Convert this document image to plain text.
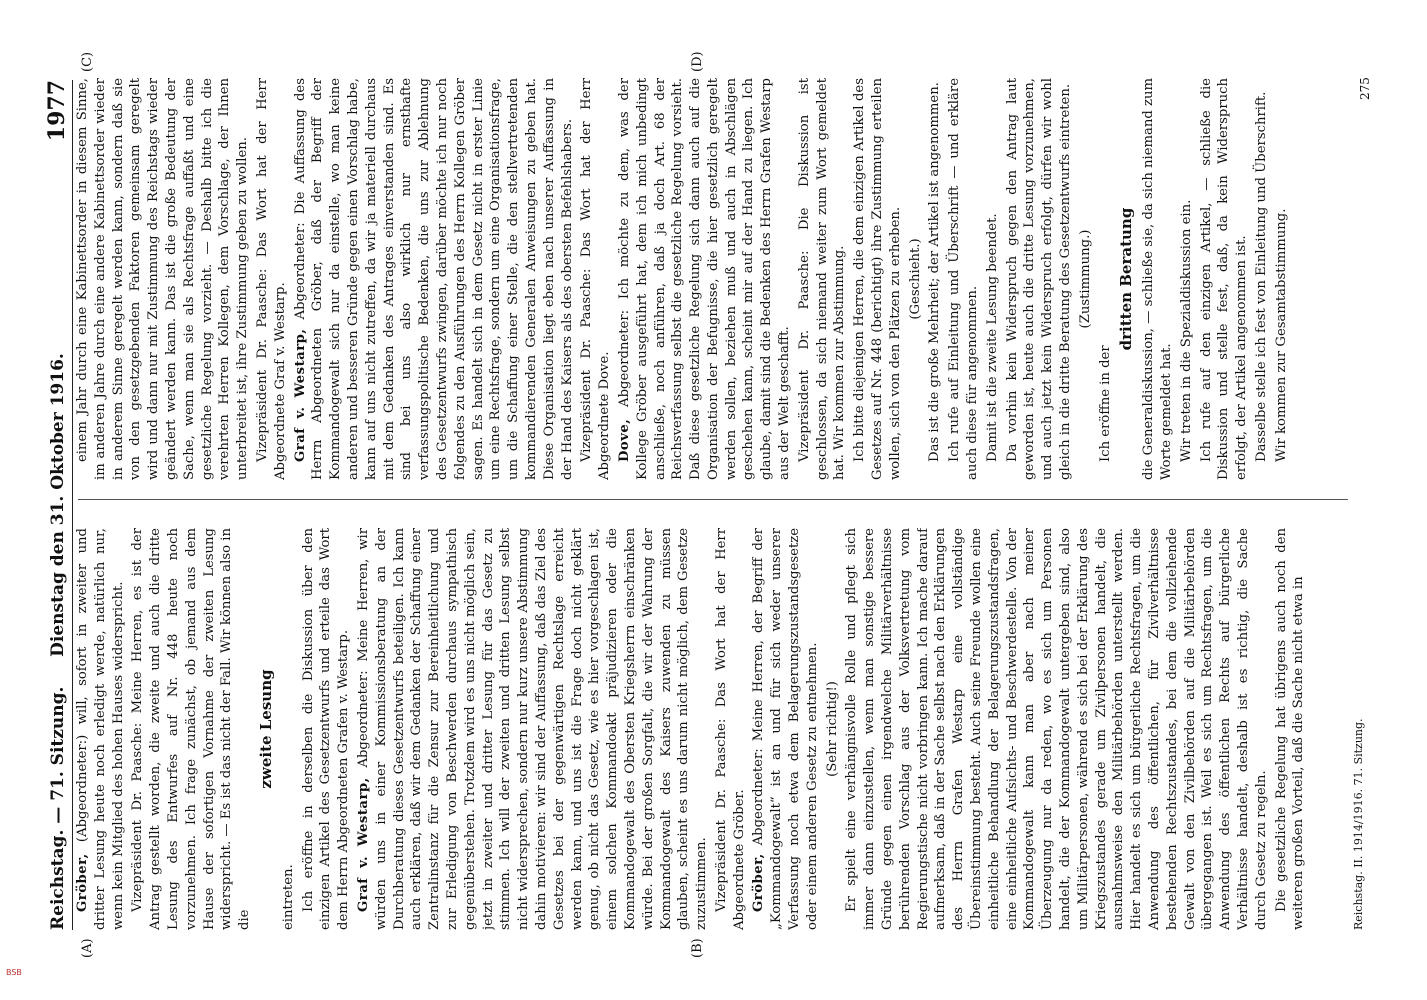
Reichstag. — 71. Sitzung.
Dienstag den 31. Oktober 1916.
1977
(A)	(B)
(C)	(D)

Gröber, (Abgeordneter:) will, sofort in zweiter und dritter Lesung heute noch erledigt werde, natürlich nur, wenn kein Mitglied des hohen Hauses widerspricht. Vizepräsident Dr. Paasche: Meine Herren, es ist der Antrag gestellt worden, die zweite und auch die dritte Lesung des Entwurfes auf Nr. 448 heute noch vorzunehmen. Ich frage zunächst, ob jemand aus dem Hause der sofortigen Vornahme der zweiten Lesung widerspricht. — Es ist das nicht der Fall. Wir können also in die

zweite Lesung

eintreten. Ich eröffne in derselben die Diskussion über den einzigen Artikel des Gesetzentwurfs und erteile das Wort dem Herrn Abgeordneten Grafen v. Westarp. Graf v. Westarp, Abgeordneter: Meine Herren, wir würden uns in einer Kommissionsberatung an der Durchberatung dieses Gesetzentwurfs beteiligen. Ich kann auch erklären, daß wir dem Gedanken der Schaffung einer Zentralinstanz für die Zensur zur Bereinheitlichung und zur Erledigung von Beschwerden durchaus sympathisch gegenüberstehen. Trotzdem wird es uns nicht möglich sein, jetzt in zweiter und dritter Lesung für das Gesetz zu stimmen. Ich will der zweiten und dritten Lesung selbst nicht widersprechen, sondern nur kurz unsere Abstimmung dahin motivieren: wir sind der Auffassung, daß das Ziel des Gesetzes bei der gegenwärtigen Rechtslage erreicht werden kann, und uns ist die Frage doch nicht geklärt genug, ob nicht das Gesetz, wie es hier vorgeschlagen ist, einem solchen Kommandoakt präjudizieren oder die Kommandogewalt des Obersten Kriegsherrn einschränken würde. Bei der großen Sorgfalt, die wir der Wahrung der Kommandogewalt des Kaisers zuwenden zu müssen glauben, scheint es uns darum nicht möglich, dem Gesetze zuzustimmen. Vizepräsident Dr. Paasche: Das Wort hat der Herr Abgeordnete Gröber. Gröber, Abgeordneter: Meine Herren, der Begriff der „Kommandogewalt“ ist an und für sich weder unserer Verfassung noch etwa dem Belagerungszustandsgesetze oder einem anderen Gesetz zu entnehmen. (Sehr richtig!) Er spielt eine verhängnisvolle Rolle und pflegt sich immer dann einzustellen, wenn man sonstige bessere Gründe gegen einen irgendwelche Militärverhältnisse berührenden Vorschlag aus der Volksvertretung vom Regierungstische nicht vorbringen kann. Ich mache darauf aufmerksam, daß in der Sache selbst nach den Erklärungen des Herrn Grafen Westarp eine vollständige Übereinstimmung besteht. Auch seine Freunde wollen eine einheitliche Behandlung der Belagerungszustandsfragen, eine einheitliche Aufsichts- und Beschwerdestelle. Von der Kommandogewalt kann man aber nach meiner Überzeugung nur da reden, wo es sich um Personen handelt, die der Kommandogewalt untergeben sind, also um Militärpersonen, während es sich bei der Erklärung des Kriegszustandes gerade um Zivilpersonen handelt, die ausnahmsweise den Militärbehörden unterstellt werden. Hier handelt es sich um bürgerliche Rechtsfragen, um die Anwendung des öffentlichen, für Zivilverhältnisse bestehenden Rechtszustandes, bei dem die vollziehende Gewalt von den Zivilbehörden auf die Militärbehörden übergegangen ist. Weil es sich um Rechtsfragen, um die Anwendung des öffentlichen Rechts auf bürgerliche Verhältnisse handelt, deshalb ist es richtig, die Sache durch Gesetz zu regeln. Die gesetzliche Regelung hat übrigens auch noch den weiteren großen Vorteil, daß die Sache nicht etwa in

einem Jahr durch eine Kabinettsorder in diesem Sinne, im anderen Jahre durch eine andere Kabinettsorder wieder in anderem Sinne geregelt werden kann, sondern daß sie von den gesetzgebenden Faktoren gemeinsam geregelt wird und dann nur mit Zustimmung des Reichstags wieder geändert werden kann. Das ist die große Bedeutung der Sache, wenn man sie als Rechtsfrage auffaßt und eine gesetzliche Regelung vorzieht. — Deshalb bitte ich die verehrten Herren Kollegen, dem Vorschlage, der Ihnen unterbreitet ist, ihre Zustimmung geben zu wollen. Vizepräsident Dr. Paasche: Das Wort hat der Herr Abgeordnete Graf v. Westarp. Graf v. Westarp, Abgeordneter: Die Auffassung des Herrn Abgeordneten Gröber, daß der Begriff der Kommandogewalt sich nur da einstelle, wo man keine anderen und besseren Gründe gegen einen Vorschlag habe, kann auf uns nicht zutreffen, da wir ja materiell durchaus mit dem Gedanken des Antrages einverstanden sind. Es sind bei uns also wirklich nur ernsthafte verfassungspolitische Bedenken, die uns zur Ablehnung des Gesetzentwurfs zwingen, darüber möchte ich nur noch folgendes zu den Ausführungen des Herrn Kollegen Gröber sagen. Es handelt sich in dem Gesetz nicht in erster Linie um eine Rechtsfrage, sondern um eine Organisationsfrage, um die Schaffung einer Stelle, die den stellvertretenden kommandierenden Generalen Anweisungen zu geben hat. Diese Organisation liegt eben nach unserer Auffassung in der Hand des Kaisers als des obersten Befehlshabers. Vizepräsident Dr. Paasche: Das Wort hat der Herr Abgeordnete Dove. Dove, Abgeordneter: Ich möchte zu dem, was der Kollege Gröber ausgeführt hat, dem ich mich unbedingt anschließe, noch anführen, daß ja doch Art. 68 der Reichsverfassung selbst die gesetzliche Regelung vorsieht. Daß diese gesetzliche Regelung sich dann auch auf die Organisation der Befugnisse, die hier gesetzlich geregelt werden sollen, beziehen muß und auch in Abschlägen geschehen kann, scheint mir auf der Hand zu liegen. Ich glaube, damit sind die Bedenken des Herrn Grafen Westarp aus der Welt geschafft. Vizepräsident Dr. Paasche: Die Diskussion ist geschlossen, da sich niemand weiter zum Wort gemeldet hat. Wir kommen zur Abstimmung. Ich bitte diejenigen Herren, die dem einzigen Artikel des Gesetzes auf Nr. 448 (berichtigt) ihre Zustimmung erteilen wollen, sich von den Plätzen zu erheben. (Geschieht.) Das ist die große Mehrheit; der Artikel ist angenommen. Ich rufe auf Einleitung und Überschrift — und erkläre auch diese für angenommen. Damit ist die zweite Lesung beendet. Da vorhin kein Widerspruch gegen den Antrag laut geworden ist, heute auch die dritte Lesung vorzunehmen, und auch jetzt kein Widerspruch erfolgt, dürfen wir wohl gleich in die dritte Beratung des Gesetzentwurfs eintreten. (Zustimmung.)

Ich eröffne in der

dritten Beratung die Generaldiskussion, — schließe sie, da sich niemand zum Worte gemeldet hat. Wir treten in die Spezialdiskussion ein. Ich rufe auf den einzigen Artikel, — schließe die Diskussion und stelle fest, daß, da kein Widerspruch erfolgt, der Artikel angenommen ist. Dasselbe stelle ich fest von Einleitung und Überschrift. Wir kommen zur Gesamtabstimmung.

Reichstag. II. 1914/1916. 71. Sitzung.
275
BSB
